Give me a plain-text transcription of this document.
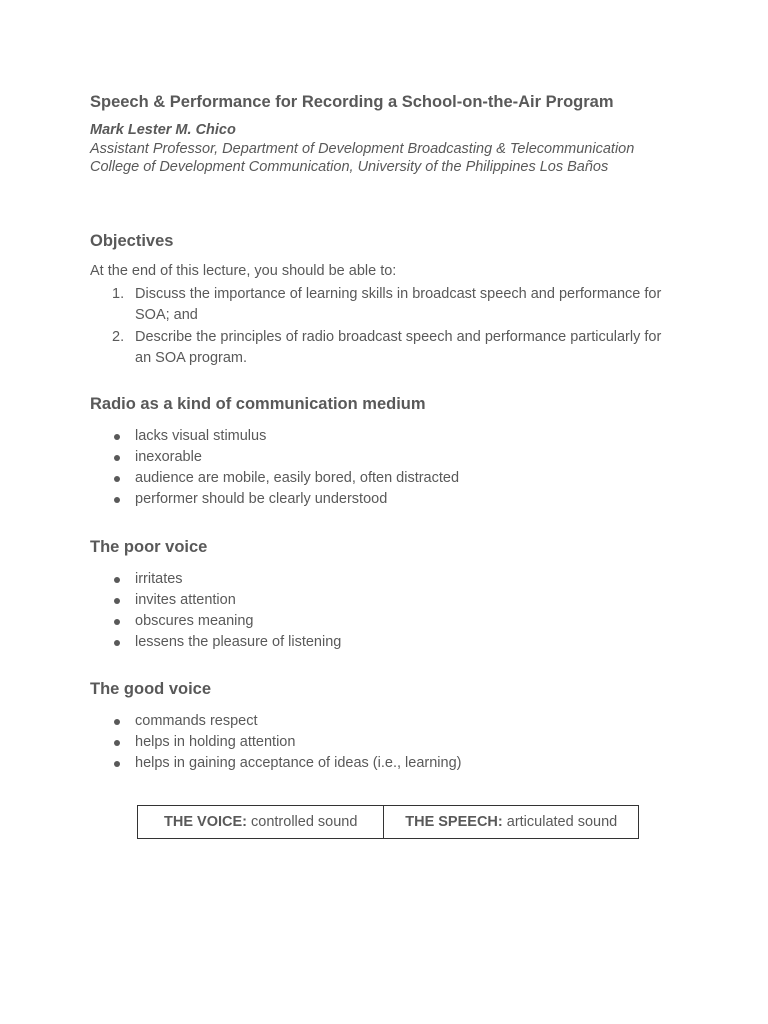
Speech & Performance for Recording a School-on-the-Air Program
Mark Lester M. Chico
Assistant Professor, Department of Development Broadcasting & Telecommunication
College of Development Communication, University of the Philippines Los Baños
Objectives
At the end of this lecture, you should be able to:
1. Discuss the importance of learning skills in broadcast speech and performance for SOA; and
2. Describe the principles of radio broadcast speech and performance particularly for an SOA program.
Radio as a kind of communication medium
lacks visual stimulus
inexorable
audience are mobile, easily bored, often distracted
performer should be clearly understood
The poor voice
irritates
invites attention
obscures meaning
lessens the pleasure of listening
The good voice
commands respect
helps in holding attention
helps in gaining acceptance of ideas (i.e., learning)
THE VOICE: controlled sound	THE SPEECH: articulated sound
